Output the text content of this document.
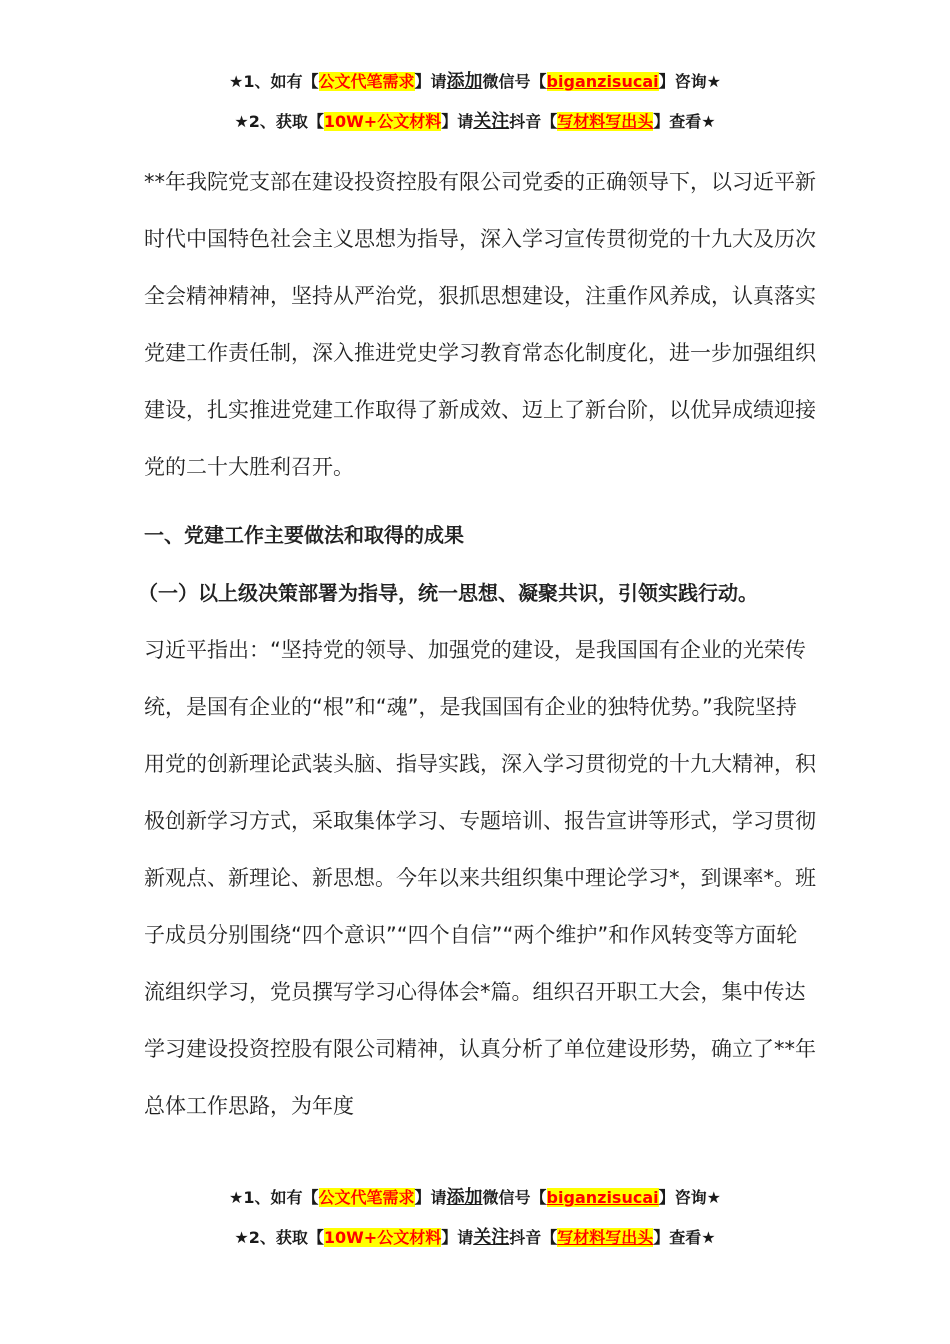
★1、如有【公文代笔需求】请添加微信号【biganzisucai】咨询★
★2、获取【10W+公文材料】请关注抖音【写材料写出头】查看★

**年我院党支部在建设投资控股有限公司党委的正确领导下，以习近平新时代中国特色社会主义思想为指导，深入学习宣传贯彻党的十九大及历次全会精神精神，坚持从严治党，狠抓思想建设，注重作风养成，认真落实党建工作责任制，深入推进党史学习教育常态化制度化，进一步加强组织建设，扎实推进党建工作取得了新成效、迈上了新台阶，以优异成绩迎接党的二十大胜利召开。

一、党建工作主要做法和取得的成果

（一）以上级决策部署为指导，统一思想、凝聚共识，引领实践行动。

习近平指出：“坚持党的领导、加强党的建设，是我国国有企业的光荣传统，是国有企业的“根”和“魂”，是我国国有企业的独特优势。”我院坚持用党的创新理论武装头脑、指导实践，深入学习贯彻党的十九大精神，积极创新学习方式，采取集体学习、专题培训、报告宣讲等形式，学习贯彻新观点、新理论、新思想。今年以来共组织集中理论学习*，到课率*。班子成员分别围绕“四个意识”“四个自信”“两个维护”和作风转变等方面轮流组织学习，党员撰写学习心得体会*篇。组织召开职工大会，集中传达学习建设投资控股有限公司精神，认真分析了单位建设形势，确立了**年总体工作思路，为年度

★1、如有【公文代笔需求】请添加微信号【biganzisucai】咨询★
★2、获取【10W+公文材料】请关注抖音【写材料写出头】查看★
